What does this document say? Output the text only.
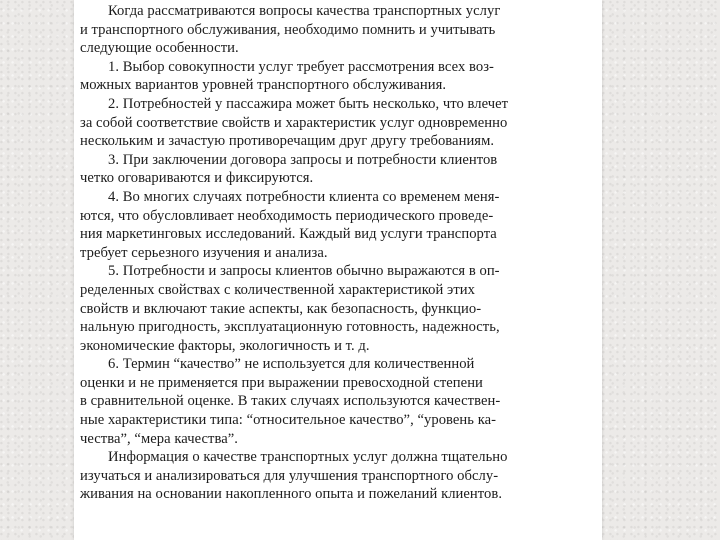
Когда рассматриваются вопросы качества транспортных услуг
и транспортного обслуживания, необходимо помнить и учитывать
следующие особенности.
1. Выбор совокупности услуг требует рассмотрения всех воз-
можных вариантов уровней транспортного обслуживания.
2. Потребностей у пассажира может быть несколько, что влечет
за собой соответствие свойств и характеристик услуг одновременно
нескольким и зачастую противоречащим друг другу требованиям.
3. При заключении договора запросы и потребности клиентов
четко оговариваются и фиксируются.
4. Во многих случаях потребности клиента со временем меня-
ются, что обусловливает необходимость периодического проведе-
ния маркетинговых исследований. Каждый вид услуги транспорта
требует серьезного изучения и анализа.
5. Потребности и запросы клиентов обычно выражаются в оп-
ределенных свойствах с количественной характеристикой этих
свойств и включают такие аспекты, как безопасность, функцио-
нальную пригодность, эксплуатационную готовность, надежность,
экономические факторы, экологичность и т. д.
6. Термин “качество” не используется для количественной
оценки и не применяется при выражении превосходной степени
в сравнительной оценке. В таких случаях используются качествен-
ные характеристики типа: “относительное качество”, “уровень ка-
чества”, “мера качества”.
Информация о качестве транспортных услуг должна тщательно
изучаться и анализироваться для улучшения транспортного обслу-
живания на основании накопленного опыта и пожеланий клиентов.
